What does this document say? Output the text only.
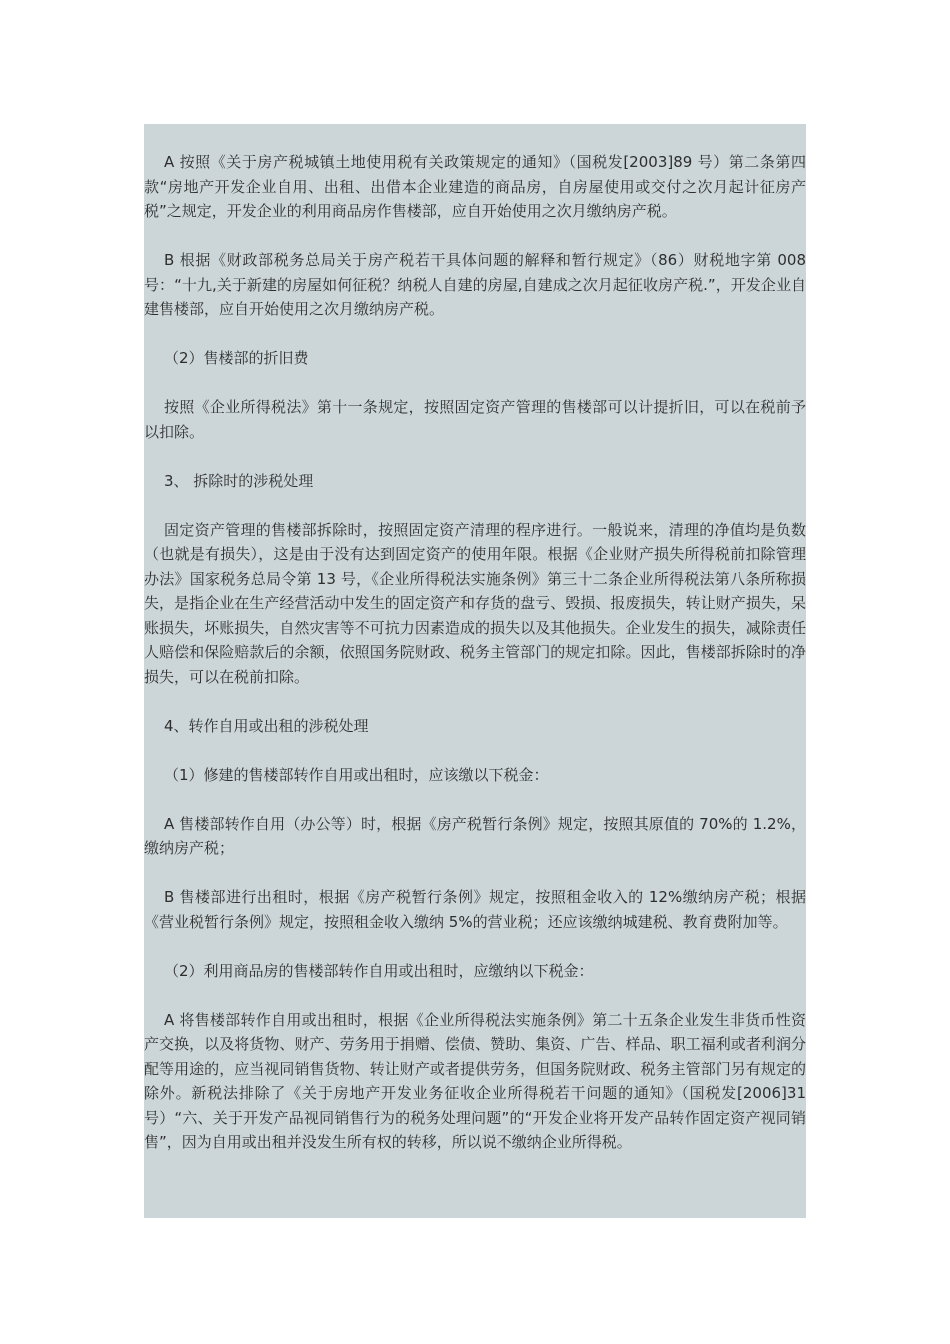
A 按照《关于房产税城镇土地使用税有关政策规定的通知》（国税发[2003]89 号）第二条第四款“房地产开发企业自用、出租、出借本企业建造的商品房，自房屋使用或交付之次月起计征房产税”之规定，开发企业的利用商品房作售楼部，应自开始使用之次月缴纳房产税。

B 根据《财政部税务总局关于房产税若干具体问题的解释和暂行规定》（86）财税地字第 008 号：“十九,关于新建的房屋如何征税？纳税人自建的房屋,自建成之次月起征收房产税.”，开发企业自建售楼部，应自开始使用之次月缴纳房产税。

（2）售楼部的折旧费

按照《企业所得税法》第十一条规定，按照固定资产管理的售楼部可以计提折旧，可以在税前予以扣除。

3、 拆除时的涉税处理

固定资产管理的售楼部拆除时，按照固定资产清理的程序进行。一般说来，清理的净值均是负数（也就是有损失），这是由于没有达到固定资产的使用年限。根据《企业财产损失所得税前扣除管理办法》国家税务总局令第 13 号，《企业所得税法实施条例》第三十二条企业所得税法第八条所称损失，是指企业在生产经营活动中发生的固定资产和存货的盘亏、毁损、报废损失，转让财产损失，呆账损失，坏账损失，自然灾害等不可抗力因素造成的损失以及其他损失。企业发生的损失，减除责任人赔偿和保险赔款后的余额，依照国务院财政、税务主管部门的规定扣除。因此，售楼部拆除时的净损失，可以在税前扣除。

4、转作自用或出租的涉税处理

（1）修建的售楼部转作自用或出租时，应该缴以下税金：

A 售楼部转作自用（办公等）时，根据《房产税暂行条例》规定，按照其原值的 70%的 1.2%，缴纳房产税；

B 售楼部进行出租时，根据《房产税暂行条例》规定，按照租金收入的 12%缴纳房产税；根据《营业税暂行条例》规定，按照租金收入缴纳 5%的营业税；还应该缴纳城建税、教育费附加等。

（2）利用商品房的售楼部转作自用或出租时，应缴纳以下税金：

A 将售楼部转作自用或出租时，根据《企业所得税法实施条例》第二十五条企业发生非货币性资产交换，以及将货物、财产、劳务用于捐赠、偿债、赞助、集资、广告、样品、职工福利或者利润分配等用途的，应当视同销售货物、转让财产或者提供劳务，但国务院财政、税务主管部门另有规定的除外。新税法排除了《关于房地产开发业务征收企业所得税若干问题的通知》（国税发[2006]31 号）“六、关于开发产品视同销售行为的税务处理问题”的“开发企业将开发产品转作固定资产视同销售”，因为自用或出租并没发生所有权的转移，所以说不缴纳企业所得税。
